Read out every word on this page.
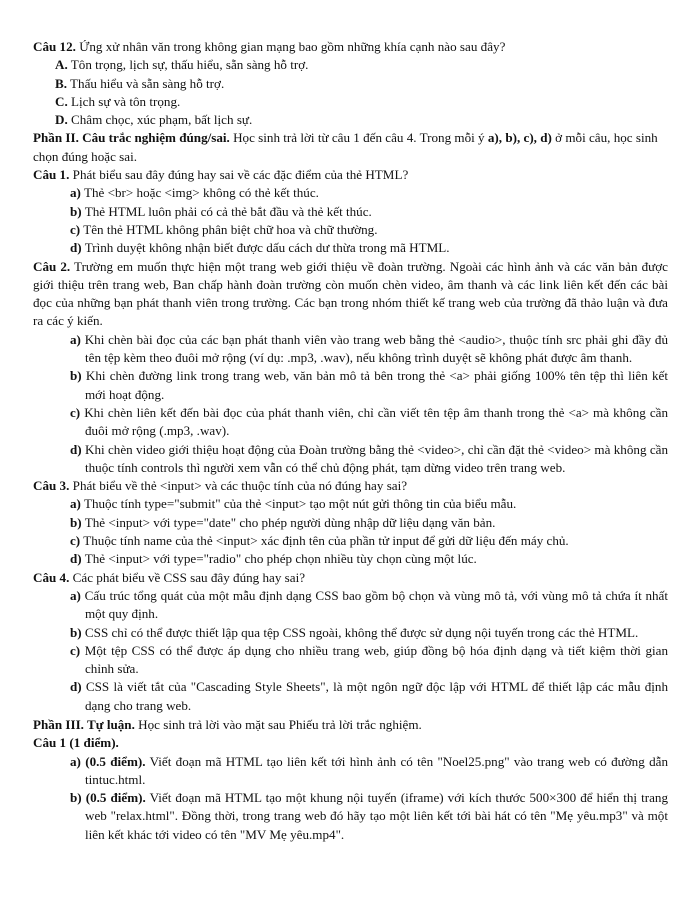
Câu 12. Ứng xử nhân văn trong không gian mạng bao gồm những khía cạnh nào sau đây?

A. Tôn trọng, lịch sự, thấu hiểu, sẵn sàng hỗ trợ.

B. Thấu hiểu và sẵn sàng hỗ trợ.

C. Lịch sự và tôn trọng.

D. Châm chọc, xúc phạm, bất lịch sự.

Phần II. Câu trắc nghiệm đúng/sai. Học sinh trả lời từ câu 1 đến câu 4. Trong mỗi ý a), b), c), d) ở mỗi câu, học sinh chọn đúng hoặc sai.

Câu 1. Phát biểu sau đây đúng hay sai về các đặc điểm của thẻ HTML?

a) Thẻ <br> hoặc <img> không có thẻ kết thúc.

b) Thẻ HTML luôn phải có cả thẻ bắt đầu và thẻ kết thúc.

c) Tên thẻ HTML không phân biệt chữ hoa và chữ thường.

d) Trình duyệt không nhận biết được dấu cách dư thừa trong mã HTML.

Câu 2. Trường em muốn thực hiện một trang web giới thiệu về đoàn trường. Ngoài các hình ảnh và các văn bản được giới thiệu trên trang web, Ban chấp hành đoàn trường còn muốn chèn video, âm thanh và các link liên kết đến các bài đọc của những bạn phát thanh viên trong trường. Các bạn trong nhóm thiết kế trang web của trường đã thảo luận và đưa ra các ý kiến.

a) Khi chèn bài đọc của các bạn phát thanh viên vào trang web bằng thẻ <audio>, thuộc tính src phải ghi đầy đủ tên tệp kèm theo đuôi mở rộng (ví dụ: .mp3, .wav), nếu không trình duyệt sẽ không phát được âm thanh.

b) Khi chèn đường link trong trang web, văn bản mô tả bên trong thẻ <a> phải giống 100% tên tệp thì liên kết mới hoạt động.

c) Khi chèn liên kết đến bài đọc của phát thanh viên, chỉ cần viết tên tệp âm thanh trong thẻ <a> mà không cần đuôi mở rộng (.mp3, .wav).

d) Khi chèn video giới thiệu hoạt động của Đoàn trường bằng thẻ <video>, chỉ cần đặt thẻ <video> mà không cần thuộc tính controls thì người xem vẫn có thể chủ động phát, tạm dừng video trên trang web.

Câu 3. Phát biểu về thẻ <input> và các thuộc tính của nó đúng hay sai?

a) Thuộc tính type="submit" của thẻ <input> tạo một nút gửi thông tin của biểu mẫu.

b) Thẻ <input> với type="date" cho phép người dùng nhập dữ liệu dạng văn bản.

c) Thuộc tính name của thẻ <input> xác định tên của phần tử input để gửi dữ liệu đến máy chủ.

d) Thẻ <input> với type="radio" cho phép chọn nhiều tùy chọn cùng một lúc.

Câu 4. Các phát biểu về CSS sau đây đúng hay sai?

a) Cấu trúc tổng quát của một mẫu định dạng CSS bao gồm bộ chọn và vùng mô tả, với vùng mô tả chứa ít nhất một quy định.

b) CSS chỉ có thể được thiết lập qua tệp CSS ngoài, không thể được sử dụng nội tuyến trong các thẻ HTML.

c) Một tệp CSS có thể được áp dụng cho nhiều trang web, giúp đồng bộ hóa định dạng và tiết kiệm thời gian chỉnh sửa.

d) CSS là viết tắt của "Cascading Style Sheets", là một ngôn ngữ độc lập với HTML để thiết lập các mẫu định dạng cho trang web.

Phần III. Tự luận. Học sinh trả lời vào mặt sau Phiếu trả lời trắc nghiệm.

Câu 1 (1 điểm).

a) (0.5 điểm). Viết đoạn mã HTML tạo liên kết tới hình ảnh có tên "Noel25.png" vào trang web có đường dẫn tintuc.html.

b) (0.5 điểm). Viết đoạn mã HTML tạo một khung nội tuyến (iframe) với kích thước 500×300 để hiển thị trang web "relax.html". Đồng thời, trong trang web đó hãy tạo một liên kết tới bài hát có tên "Mẹ yêu.mp3" và một liên kết khác tới video có tên "MV Mẹ yêu.mp4".
